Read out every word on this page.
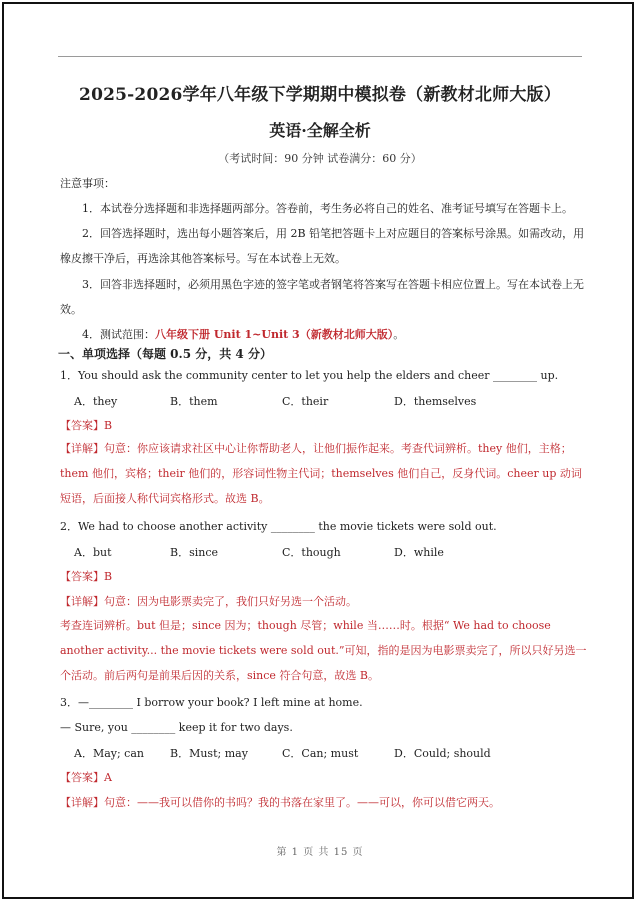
2025-2026学年八年级下学期期中模拟卷（新教材北师大版）
英语·全解全析
（考试时间：90 分钟 试卷满分：60 分）
注意事项：
1．本试卷分选择题和非选择题两部分。答卷前，考生务必将自己的姓名、准考证号填写在答题卡上。
2．回答选择题时，选出每小题答案后，用 2B 铅笔把答题卡上对应题目的答案标号涂黑。如需改动，用橡皮擦干净后，再选涂其他答案标号。写在本试卷上无效。
3．回答非选择题时，必须用黑色字迹的签字笔或者钢笔将答案写在答题卡相应位置上。写在本试卷上无效。
4．测试范围：八年级下册 Unit 1~Unit 3（新教材北师大版）。
一、单项选择（每题 0.5 分，共 4 分）
1．You should ask the community center to let you help the elders and cheer ________ up.
A．they	B．them	C．their	D．themselves
【答案】B
【详解】句意：你应该请求社区中心让你帮助老人，让他们振作起来。考查代词辨析。they 他们，主格；them 他们，宾格；their 他们的，形容词性物主代词；themselves 他们自己，反身代词。cheer up 动词短语，后面接人称代词宾格形式。故选 B。
2．We had to choose another activity ________ the movie tickets were sold out.
A．but	B．since	C．though	D．while
【答案】B
【详解】句意：因为电影票卖完了，我们只好另选一个活动。
考查连词辨析。but 但是；since 因为；though 尽管；while 当……时。根据“ We had to choose another activity... the movie tickets were sold out.”可知，指的是因为电影票卖完了，所以只好另选一个活动。前后两句是前果后因的关系，since 符合句意，故选 B。
3．—________ I borrow your book? I left mine at home.
— Sure, you ________ keep it for two days.
A．May; can B．Must; may	C．Can; must	D．Could; should
【答案】A
【详解】句意：——我可以借你的书吗？我的书落在家里了。——可以，你可以借它两天。
第 1 页 共 15 页
